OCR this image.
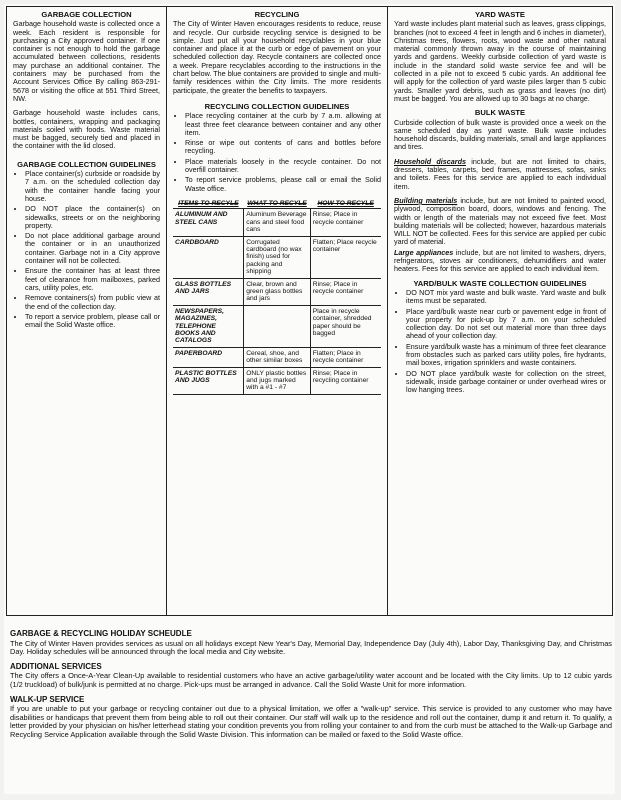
GARBAGE COLLECTION

Garbage household waste is collected once a week. Each resident is responsible for purchasing a City approved container. If one container is not enough to hold the garbage accumulated between collections, residents may purchase an additional container. The containers may be purchased from the Account Services Office By calling 863-291-5678 or visiting the office at 551 Third Street, NW.

Garbage household waste includes cans, bottles, containers, wrapping and packaging materials soiled with foods. Waste material must be bagged, securely tied and placed in the container with the lid closed.

GARBAGE COLLECTION GUIDELINES
• Place container(s) curbside or roadside by 7 a.m. on the scheduled collection day with the container handle facing your house.
• DO NOT place the container(s) on sidewalks, streets or on the neighboring property.
• Do not place additional garbage around the container or in an unauthorized container. Garbage not in a City approve container will not be collected.
• Ensure the container has at least three feet of clearance from mailboxes, parked cars, utility poles, etc.
• Remove containers(s) from public view at the end of the collection day.
• To report a service problem, please call or email the Solid Waste office.
RECYCLING

The City of Winter Haven encourages residents to reduce, reuse and recycle. Our curbside recycling service is designed to be simple. Just put all your household recyclables in your blue container and place it at the curb or edge of pavement on your scheduled collection day. Recycle containers are collected once a week. Prepare recyclables according to the instructions in the chart below. The blue containers are provided to single and multi-family residences within the City limits. The more residents participate, the greater the benefits to taxpayers.

RECYCLING COLLECTION GUIDELINES
• Place recycling container at the curb by 7 a.m. allowing at least three feet clearance between container and any other item.
• Rinse or wipe out contents of cans and bottles before recycling.
• Place materials loosely in the recycle container. Do not overfill container.
• To report service problems, please call or email the Solid Waste office.
ITEMS TO RECYLE	WHAT TO RECYLE	HOW TO RECYLE
ALUMINUM AND STEEL CANS	Aluminum Beverage cans and steel food cans	Rinse; Place in recycle container
CARDBOARD	Corrugated cardboard (no wax finish) used for packing and shipping	Flatten; Place recycle container
GLASS BOTTLES AND JARS	Clear, brown and green glass bottles and jars	Rinse; Place in recycle container
NEWSPAPERS, MAGAZINES, TELEPHONE BOOKS AND CATALOGS		Place in recycle container, shredded paper should be bagged
PAPERBOARD	Cereal, shoe, and other similar boxes	Flatten; Place in recycle container
PLASTIC BOTTLES AND JUGS	ONLY plastic bottles and jugs marked with a #1 - #7	Rinse; Place in recycling container
YARD WASTE

Yard waste includes plant material such as leaves, grass clippings, branches (not to exceed 4 feet in length and 6 inches in diameter), Christmas trees, flowers, roots, wood waste and other natural material commonly thrown away in the course of maintaining yards and gardens. Weekly curbside collection of yard waste is include in the standard solid waste service fee and will be collected in a pile not to exceed 5 cubic yards. An additional fee will apply for the collection of yard waste piles larger than 5 cubic yards. Smaller yard debris, such as grass and leaves (no dirt) must be bagged. You are allowed up to 30 bags at no charge.

BULK WASTE

Curbside collection of bulk waste is provided once a week on the same scheduled day as yard waste. Bulk waste includes household discards, building materials, small and large appliances and tires.

Household discards include, but are not limited to chairs, dressers, tables, carpets, bed frames, mattresses, sofas, sinks and toilets. Fees for this service are applied to each individual item.

Building materials include, but are not limited to painted wood, plywood, composition board, doors, windows and fencing. The width or length of the materials may not exceed five feet. Most building materials will be collected; however, hazardous materials WILL NOT be collected. Fees for this service are applied per cubic yard of material.

Large appliances include, but are not limited to washers, dryers, refrigerators, stoves air conditioners, dehumidifiers and water heaters. Fees for this service are applied to each individual item.

YARD/BULK WASTE COLLECTION GUIDELINES
• DO NOT mix yard waste and bulk waste. Yard waste and bulk items must be separated.
• Place yard/bulk waste near curb or pavement edge in front of your property for pick-up by 7 a.m. on your scheduled collection day. Do not set out material more than three days ahead of your collection day.
• Ensure yard/bulk waste has a minimum of three feet clearance from obstacles such as parked cars utility poles, fire hydrants, mail boxes, irrigation sprinklers and waste containers.
• DO NOT place yard/bulk waste for collection on the street, sidewalk, inside garbage container or under overhead wires or low hanging trees.
GARBAGE & RECYCLING HOLIDAY SCHEUDLE

The City of Winter Haven provides services as usual on all holidays except New Year's Day, Memorial Day, Independence Day (July 4th), Labor Day, Thanksgiving Day, and Christmas Day. Holiday schedules will be announced through the local media and City website.

ADDITIONAL SERVICES

The City offers a Once-A-Year Clean-Up available to residential customers who have an active garbage/utility water account and be located with the City limits. Up to 12 cubic yards (1/2 truckload) of bulk/junk is permitted at no charge. Pick-ups must be arranged in advance. Call the Solid Waste Unit for more information.

WALK-UP SERVICE

If you are unable to put your garbage or recycling container out due to a physical limitation, we offer a "walk-up" service. This service is provided to any customer who may have disabilities or handicaps that prevent them from being able to roll out their container. Our staff will walk up to the residence and roll out the container, dump it and return it. To qualify, a letter provided by your physician on his/her letterhead stating your condition prevents you from rolling your container to and from the curb must be attached to the Walk-up Garbage and Recycling Service Application available through the Solid Waste Division. This information can be mailed or faxed to the Solid Waste office.
